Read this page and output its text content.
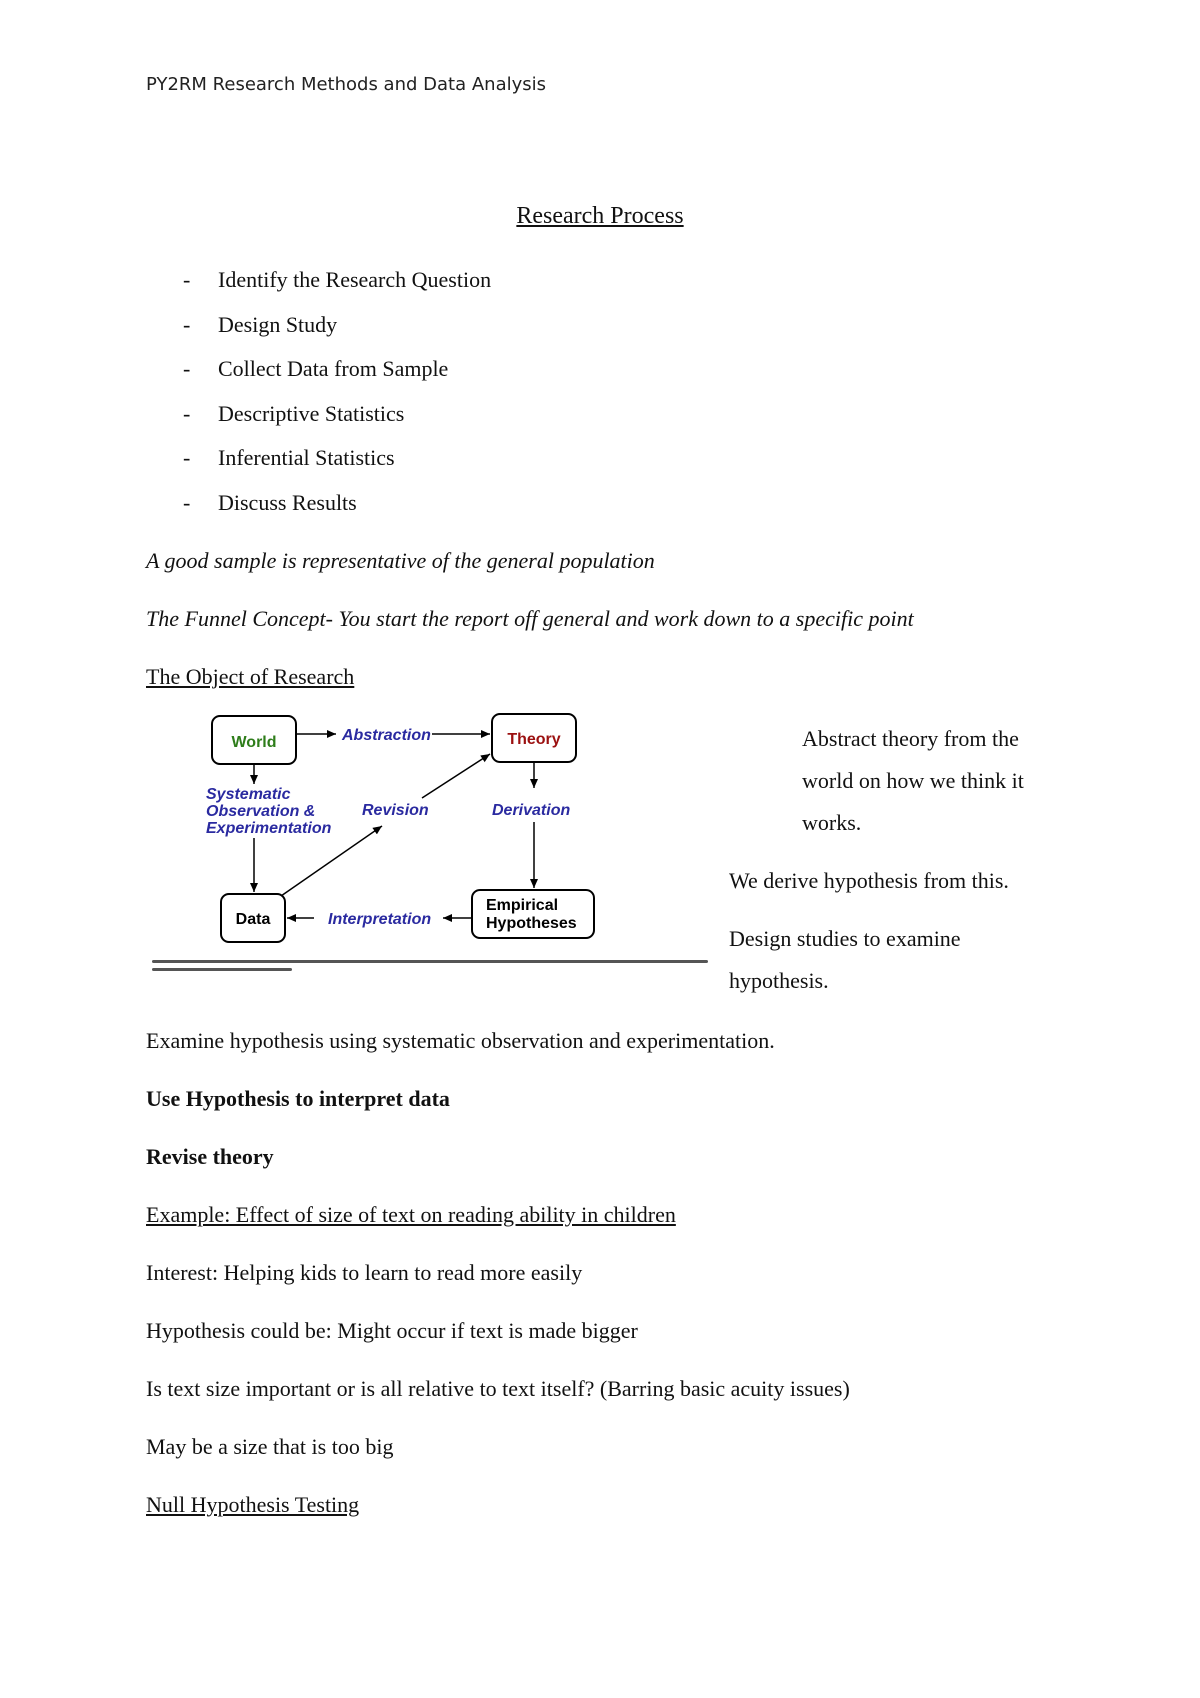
PY2RM Research Methods and Data Analysis
Research Process
- Identify the Research Question
- Design Study
- Collect Data from Sample
- Descriptive Statistics
- Inferential Statistics
- Discuss Results
A good sample is representative of the general population
The Funnel Concept- You start the report off general and work down to a specific point
The Object of Research
World	Theory
Data
Empirical
Hypotheses
Abstraction
Systematic
Observation &
Experimentation
Revision	Derivation
Interpretation
Abstract theory from the
world on how we think it
works.
We derive hypothesis from this.
Design studies to examine
hypothesis.
Examine hypothesis using systematic observation and experimentation.
Use Hypothesis to interpret data
Revise theory
Example: Effect of size of text on reading ability in children
Interest: Helping kids to learn to read more easily
Hypothesis could be: Might occur if text is made bigger
Is text size important or is all relative to text itself? (Barring basic acuity issues)
May be a size that is too big
Null Hypothesis Testing
